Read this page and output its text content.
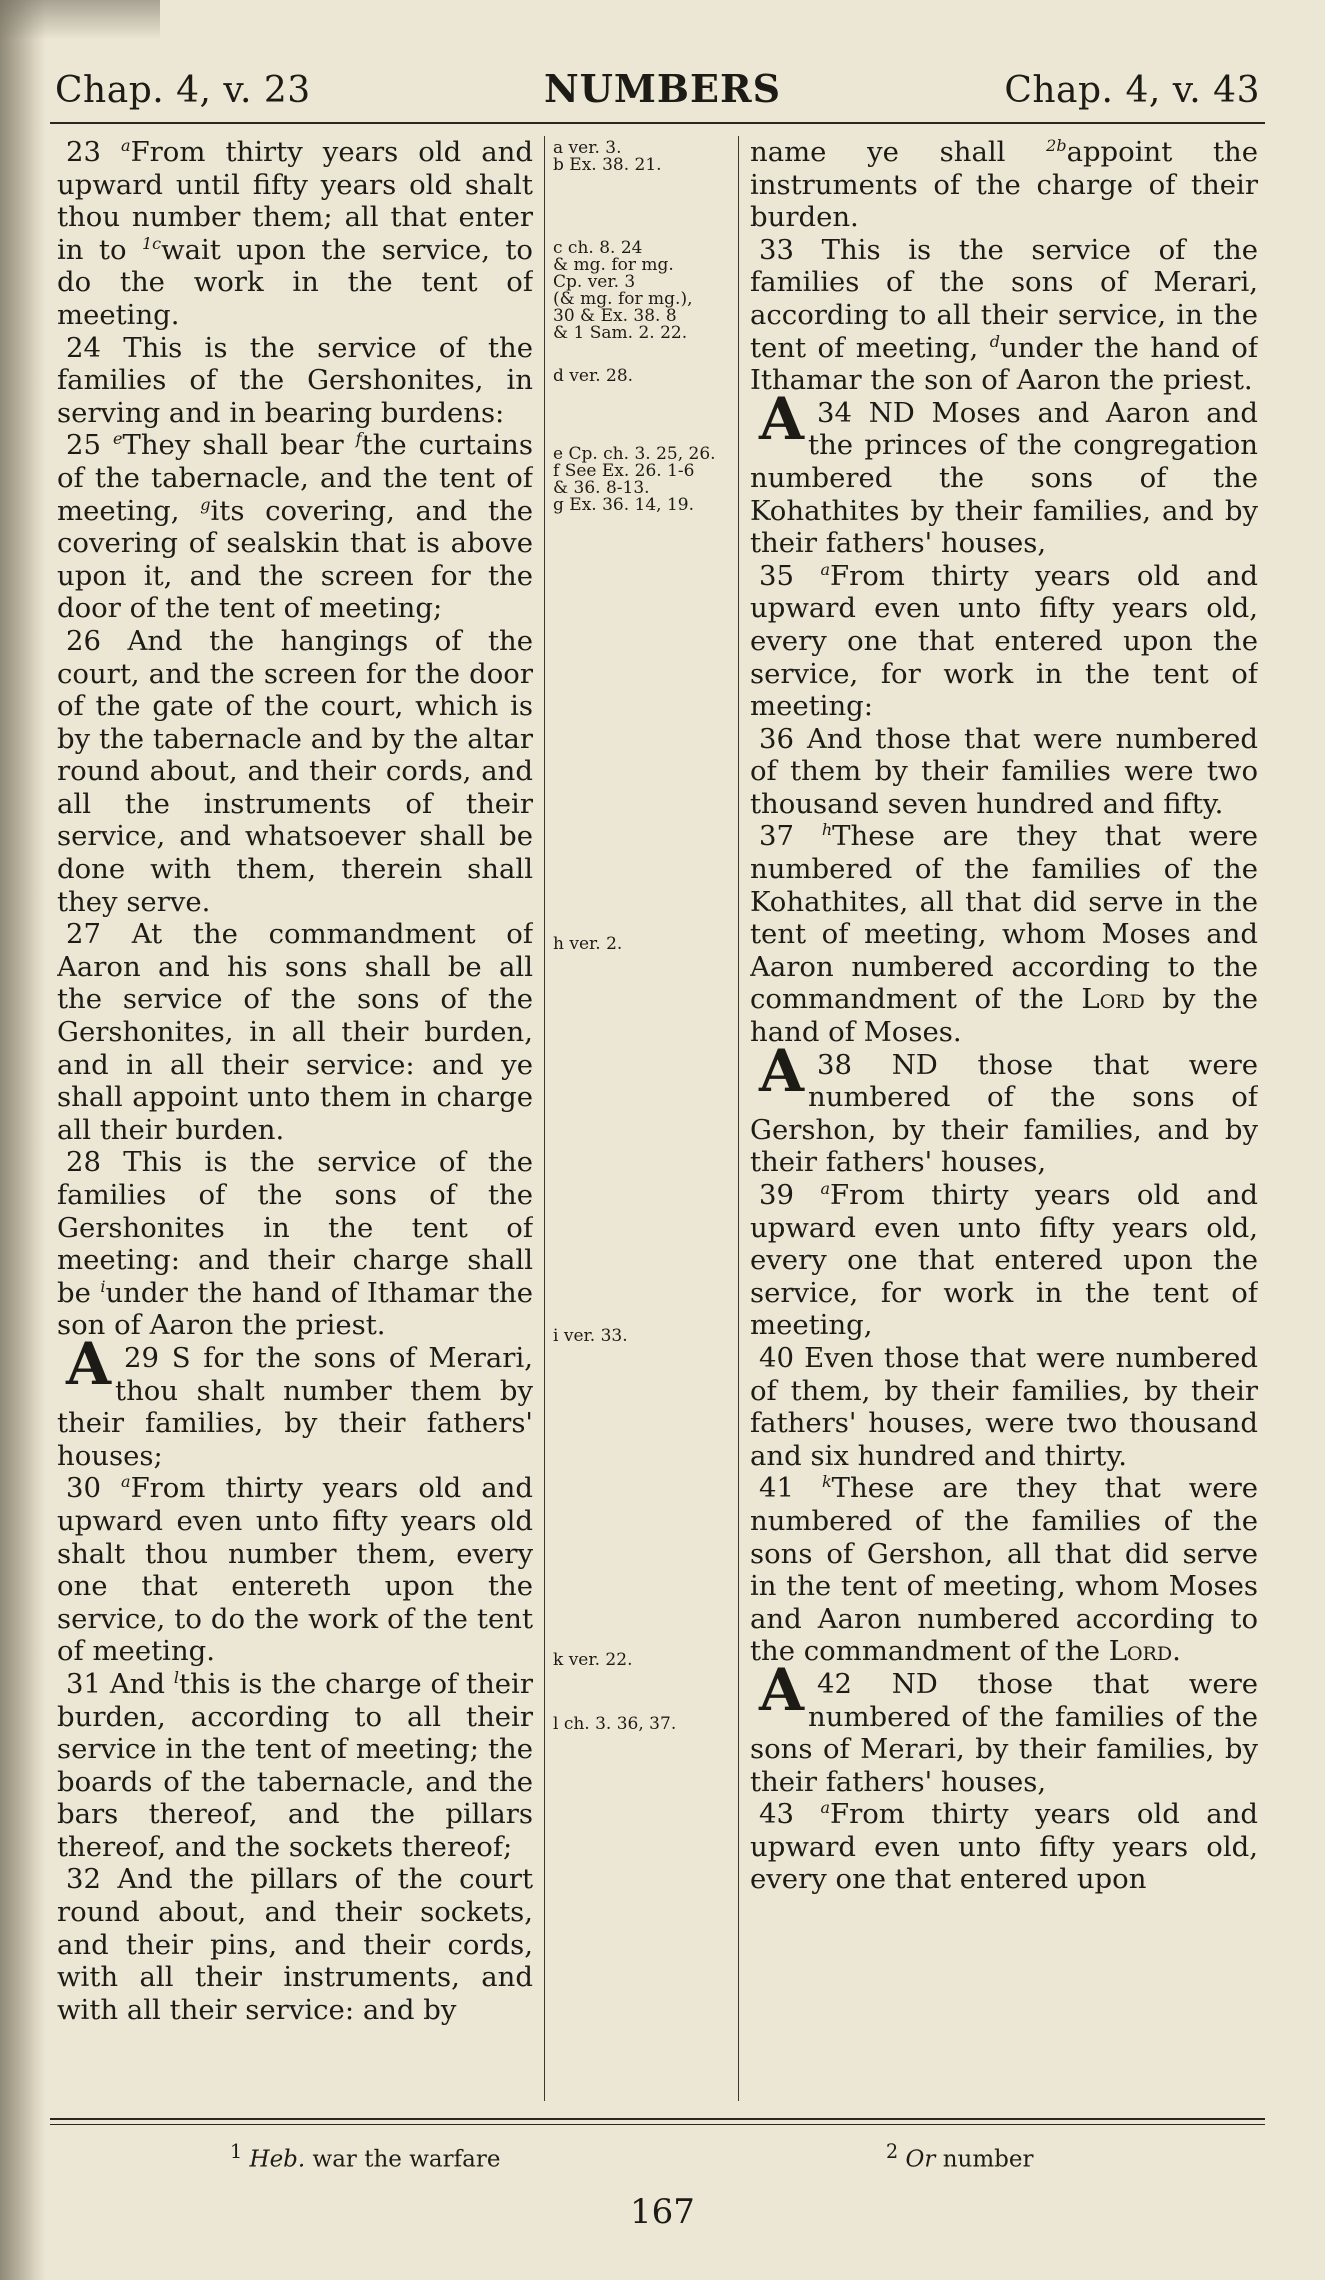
Chap. 4, v. 23	NUMBERS	Chap. 4, v. 43

23 $^a$From thirty years old and upward until fifty years old shalt thou number them; all that enter in to $^{1c}$wait upon the service, to do the work in the tent of meeting.

24 This is the service of the families of the Gershonites, in serving and in bearing burdens:

25 $^e$They shall bear $^f$the curtains of the tabernacle, and the tent of meeting, $^g$its covering, and the covering of sealskin that is above upon it, and the screen for the door of the tent of meeting;

26 And the hangings of the court, and the screen for the door of the gate of the court, which is by the tabernacle and by the altar round about, and their cords, and all the instruments of their service, and whatsoever shall be done with them, therein shall they serve.

27 At the commandment of Aaron and his sons shall be all the service of the sons of the Gershonites, in all their burden, and in all their service: and ye shall appoint unto them in charge all their burden.

28 This is the service of the families of the sons of the Gershonites in the tent of meeting: and their charge shall be $^i$under the hand of Ithamar the son of Aaron the priest.

29
A S for the sons of Merari, thou shalt number them by their families, by their fathers' houses;

30 $^a$From thirty years old and upward even unto fifty years old shalt thou number them, every one that entereth upon the service, to do the work of the tent of meeting.

31 And $^l$this is the charge of their burden, according to all their service in the tent of meeting; the boards of the tabernacle, and the bars thereof, and the pillars thereof, and the sockets thereof;

32 And the pillars of the court round about, and their sockets, and their pins, and their cords, with all their instruments, and with all their service: and by

a ver. 3.
b Ex. 38. 21.
c ch. 8. 24
& mg. for mg.
Cp. ver. 3
(& mg. for mg.),
30 & Ex. 38. 8
& 1 Sam. 2. 22.
d ver. 28.
e Cp. ch. 3. 25, 26.
f See Ex. 26. 1-6
& 36. 8-13.
g Ex. 36. 14, 19.
h ver. 2.
i ver. 33.
k ver. 22.
l ch. 3. 36, 37.

name ye shall $^{2b}$appoint the instruments of the charge of their burden.

33 This is the service of the families of the sons of Merari, according to all their service, in the tent of meeting, $^d$under the hand of Ithamar the son of Aaron the priest.

34
A ND Moses and Aaron and the princes of the congregation numbered the sons of the Kohathites by their families, and by their fathers' houses,

35 $^a$From thirty years old and upward even unto fifty years old, every one that entered upon the service, for work in the tent of meeting:

36 And those that were numbered of them by their families were two thousand seven hundred and fifty.

37 $^h$These are they that were numbered of the families of the Kohathites, all that did serve in the tent of meeting, whom Moses and Aaron numbered according to the commandment of the Lord by the hand of Moses.

38
A	ND those that were numbered of the sons of Gershon, by their families, and by their fathers' houses,

39 $^a$From thirty years old and upward even unto fifty years old, every one that entered upon the service, for work in the tent of meeting,

40 Even those that were numbered of them, by their families, by their fathers' houses, were two thousand and six hundred and thirty.

41 $^k$These are they that were numbered of the families of the sons of Gershon, all that did serve in the tent of meeting, whom Moses and Aaron numbered according to the commandment of the Lord.

42
A	ND those that were numbered of the families of the sons of Merari, by their families, by their fathers' houses,

43 $^a$From thirty years old and upward even unto fifty years old, every one that entered upon

$^1$ Heb. war the warfare	$^2$ Or number
167
